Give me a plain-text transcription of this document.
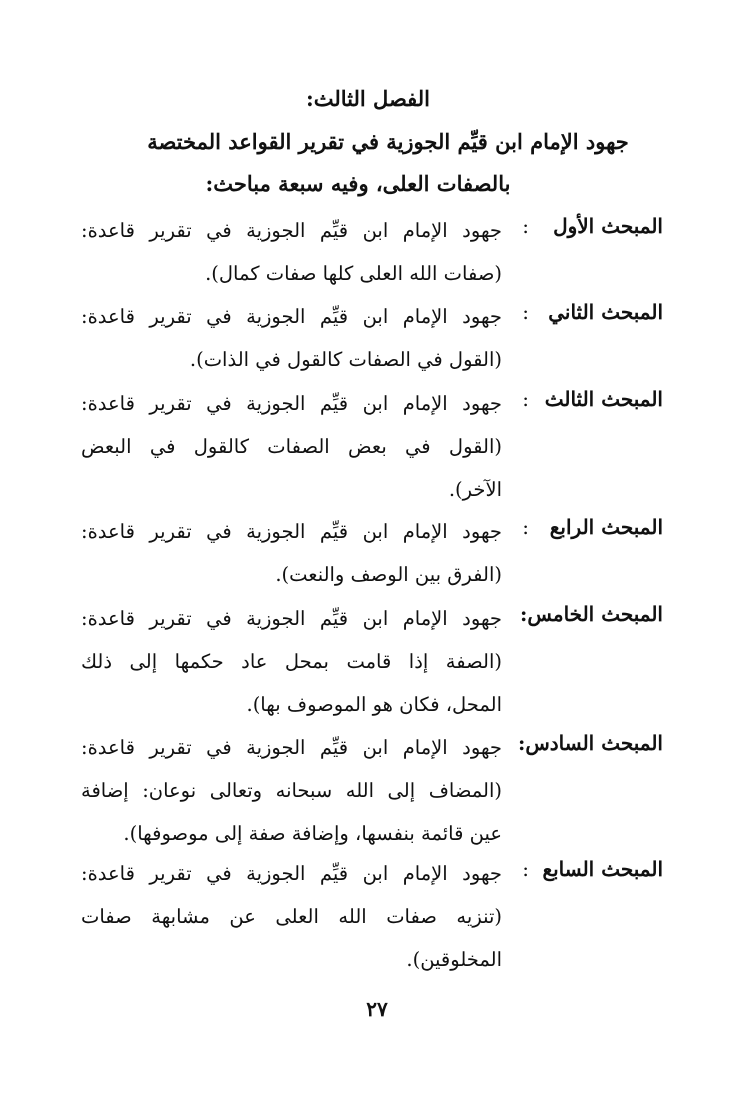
الفصل الثالث:
جهود الإمام ابن قيِّم الجوزية في تقرير القواعد المختصة
بالصفات العلى، وفيه سبعة مباحث:
المبحث الأول
:
جهود الإمام ابن قيِّم الجوزية في تقرير قاعدة:
(صفات الله العلى كلها صفات كمال).
المبحث الثاني
:
جهود الإمام ابن قيِّم الجوزية في تقرير قاعدة:
(القول في الصفات كالقول في الذات).
المبحث الثالث
:
جهود الإمام ابن قيِّم الجوزية في تقرير قاعدة:
(القول في بعض الصفات كالقول في البعض
الآخر).
المبحث الرابع
:
جهود الإمام ابن قيِّم الجوزية في تقرير قاعدة:
(الفرق بين الوصف والنعت).
المبحث الخامس:
جهود الإمام ابن قيِّم الجوزية في تقرير قاعدة:
(الصفة إذا قامت بمحل عاد حكمها إلى ذلك
المحل، فكان هو الموصوف بها).
المبحث السادس:
جهود الإمام ابن قيِّم الجوزية في تقرير قاعدة:
(المضاف إلى الله سبحانه وتعالى نوعان: إضافة
عين قائمة بنفسها، وإضافة صفة إلى موصوفها).
المبحث السابع
:
جهود الإمام ابن قيِّم الجوزية في تقرير قاعدة:
(تنزيه صفات الله العلى عن مشابهة صفات
المخلوقين).
٢٧
